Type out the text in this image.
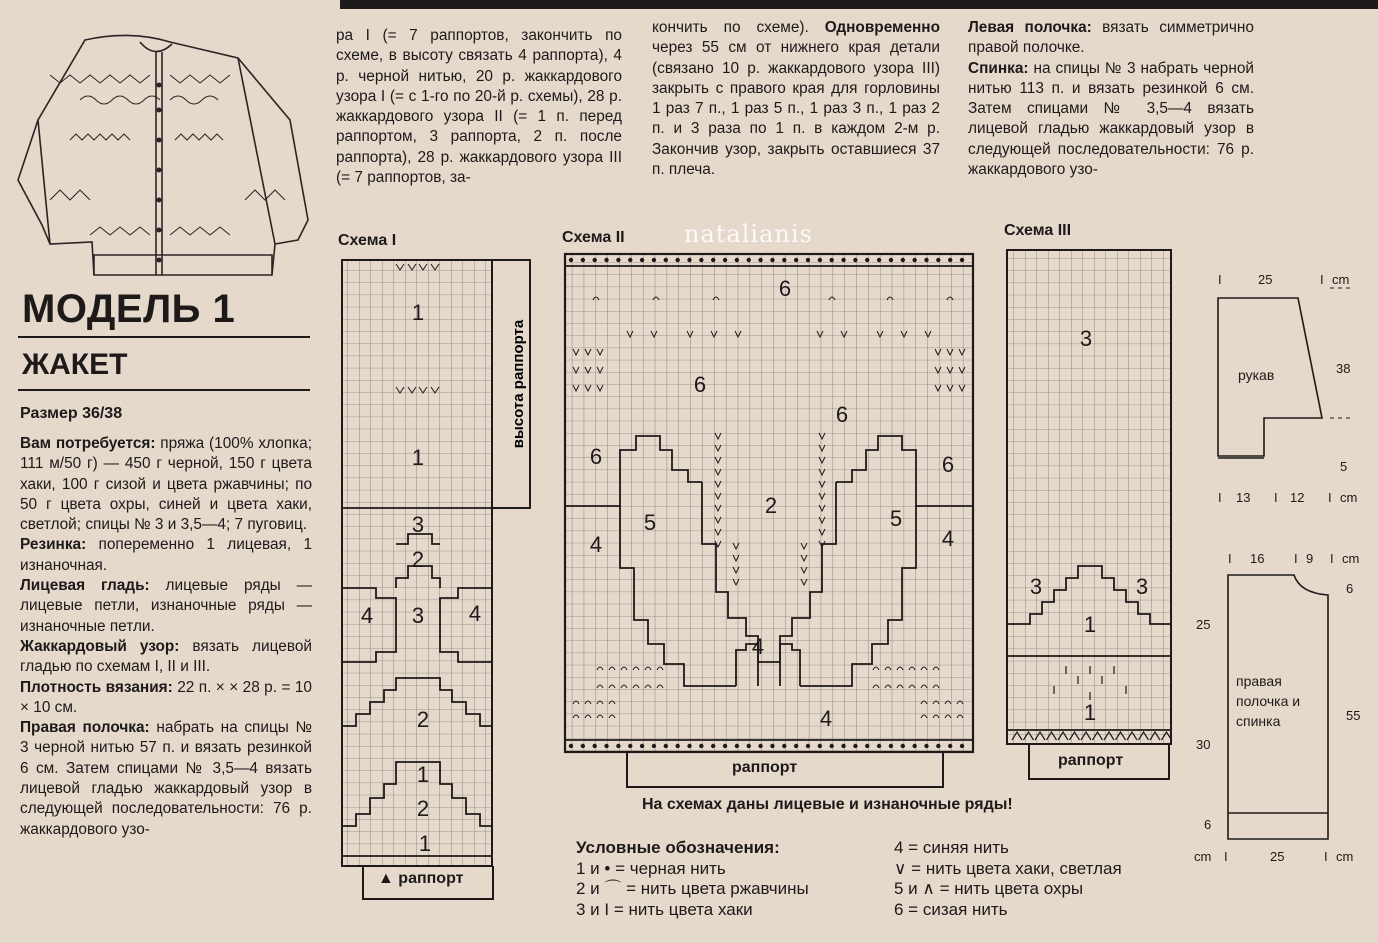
МОДЕЛЬ 1
ЖАКЕТ
Размер 36/38

Вам потребуется: пряжа (100% хлопка; 111 м/50 г) — 450 г черной, 150 г цвета хаки, 100 г сизой и цвета ржавчины; по 50 г цвета охры, синей и цвета хаки, светлой; спицы № 3 и 3,5—4; 7 пуговиц.

Резинка: попеременно 1 лицевая, 1 изнаночная.

Лицевая гладь: лицевые ряды — лицевые петли, изнаночные ряды — изнаночные петли.

Жаккардовый узор: вязать лицевой гладью по схемам I, II и III.

Плотность вязания: 22 п. × × 28 р. = 10 × 10 см.

Правая полочка: набрать на спицы № 3 черной нитью 57 п. и вязать резинкой 6 см. Затем спицами № 3,5—4 вязать лицевой гладью жаккардовый узор в следующей последовательности: 76 р. жаккардового узо-

ра I (= 7 раппортов, закончить по схеме, в высоту связать 4 раппорта), 4 р. черной нитью, 20 р. жаккардового узора I (= с 1-го по 20-й р. схемы), 28 р. жаккардового узора II (= 1 п. перед раппортом, 3 раппорта, 2 п. после раппорта), 28 р. жаккардового узора III (= 7 раппортов, за-
кончить по схеме). Одновременно через 55 см от нижнего края детали (связано 10 р. жаккардового узора III) закрыть с правого края для горловины 1 раз 7 п., 1 раз 5 п., 1 раз 3 п., 1 раз 2 п. и 3 раза по 1 п. в каждом 2-м р. Закончив узор, закрыть оставшиеся 37 п. плеча.

Левая полочка: вязать симметрично правой полочке.

Спинка: на спицы № 3 набрать черной нитью 113 п. и вязать резинкой 6 см. Затем спицами № 3,5—4 вязать лицевой гладью жаккардовый узор в следующей последовательности: 76 р. жаккардового узо-

natalianis
Схема I	Схема II	Схема III
1
1
3
2
4 3 4
2
1
2
1
высота раппорта
▲ раппорт
6
6
6
6	6
2
5	5
4	4
4
4
раппорт
3
3	3
1
1
раппорт
I	I
25	cm
38
5
I	I
13	12 I cm
рукав
I 16 I 9 I cm
6
25
55
30
6
cm I	25	I cm
правая полочка и спинка
На схемах даны лицевые и изнаночные ряды!
Условные обозначения:
1 и • = черная нить
2 и ⌒ = нить цвета ржавчины
3 и I = нить цвета хаки
4 = синяя нить
∨ = нить цвета хаки, светлая
5 и ∧ = нить цвета охры
6 = сизая нить
